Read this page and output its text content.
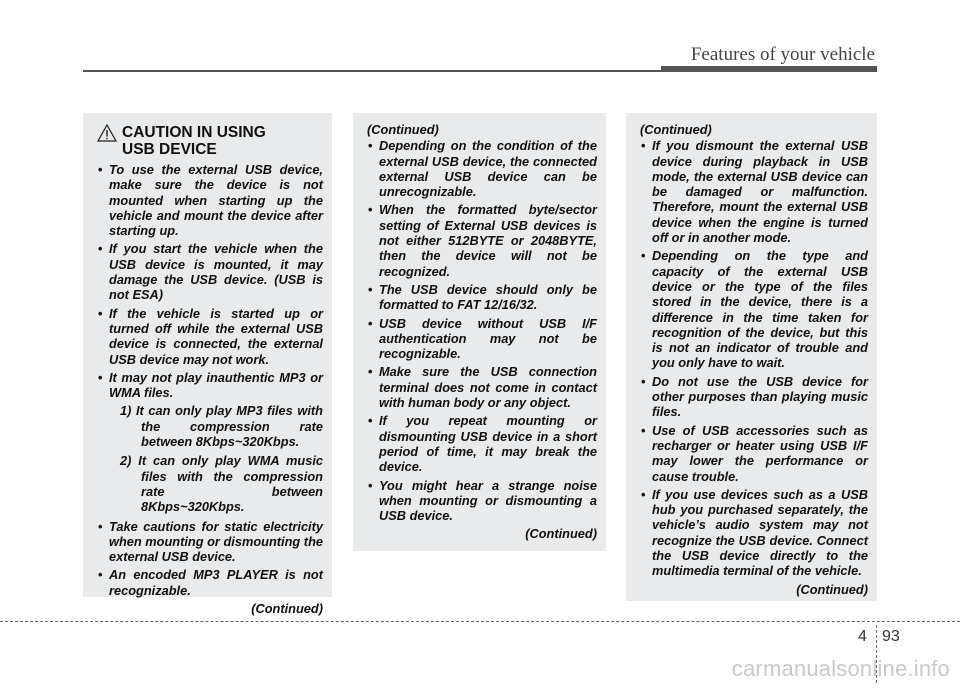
Features of your vehicle
CAUTION IN USING
USB DEVICE
• To use the external USB device, make sure the device is not mounted when starting up the vehicle and mount the device after starting up.
• If you start the vehicle when the USB device is mounted, it may damage the USB device. (USB is not ESA)
• If the vehicle is started up or turned off while the external USB device is connected, the external USB device may not work.
• It may not play inauthentic MP3 or WMA files.
1) It can only play MP3 files with the compression rate between 8Kbps~320Kbps.
2) It can only play WMA music files with the compression rate between 8Kbps~320Kbps.
• Take cautions for static electricity when mounting or dismounting the external USB device.
• An encoded MP3 PLAYER is not recognizable.
(Continued)
(Continued)
• Depending on the condition of the external USB device, the connected external USB device can be unrecognizable.
• When the formatted byte/sector setting of External USB devices is not either 512BYTE or 2048BYTE, then the device will not be recognized.
• The USB device should only be formatted to FAT 12/16/32.
• USB device without USB I/F authentication may not be recognizable.
• Make sure the USB connection terminal does not come in contact with human body or any object.
• If you repeat mounting or dismounting USB device in a short period of time, it may break the device.
• You might hear a strange noise when mounting or dismounting a USB device.
(Continued)
(Continued)
• If you dismount the external USB device during playback in USB mode, the external USB device can be damaged or malfunction. Therefore, mount the external USB device when the engine is turned off or in another mode.
• Depending on the type and capacity of the external USB device or the type of the files stored in the device, there is a difference in the time taken for recognition of the device, but this is not an indicator of trouble and you only have to wait.
• Do not use the USB device for other purposes than playing music files.
• Use of USB accessories such as recharger or heater using USB I/F may lower the performance or cause trouble.
• If you use devices such as a USB hub you purchased separately, the vehicle’s audio system may not recognize the USB device. Connect the USB device directly to the multimedia terminal of the vehicle.
(Continued)
4 93
carmanualsonline.info
